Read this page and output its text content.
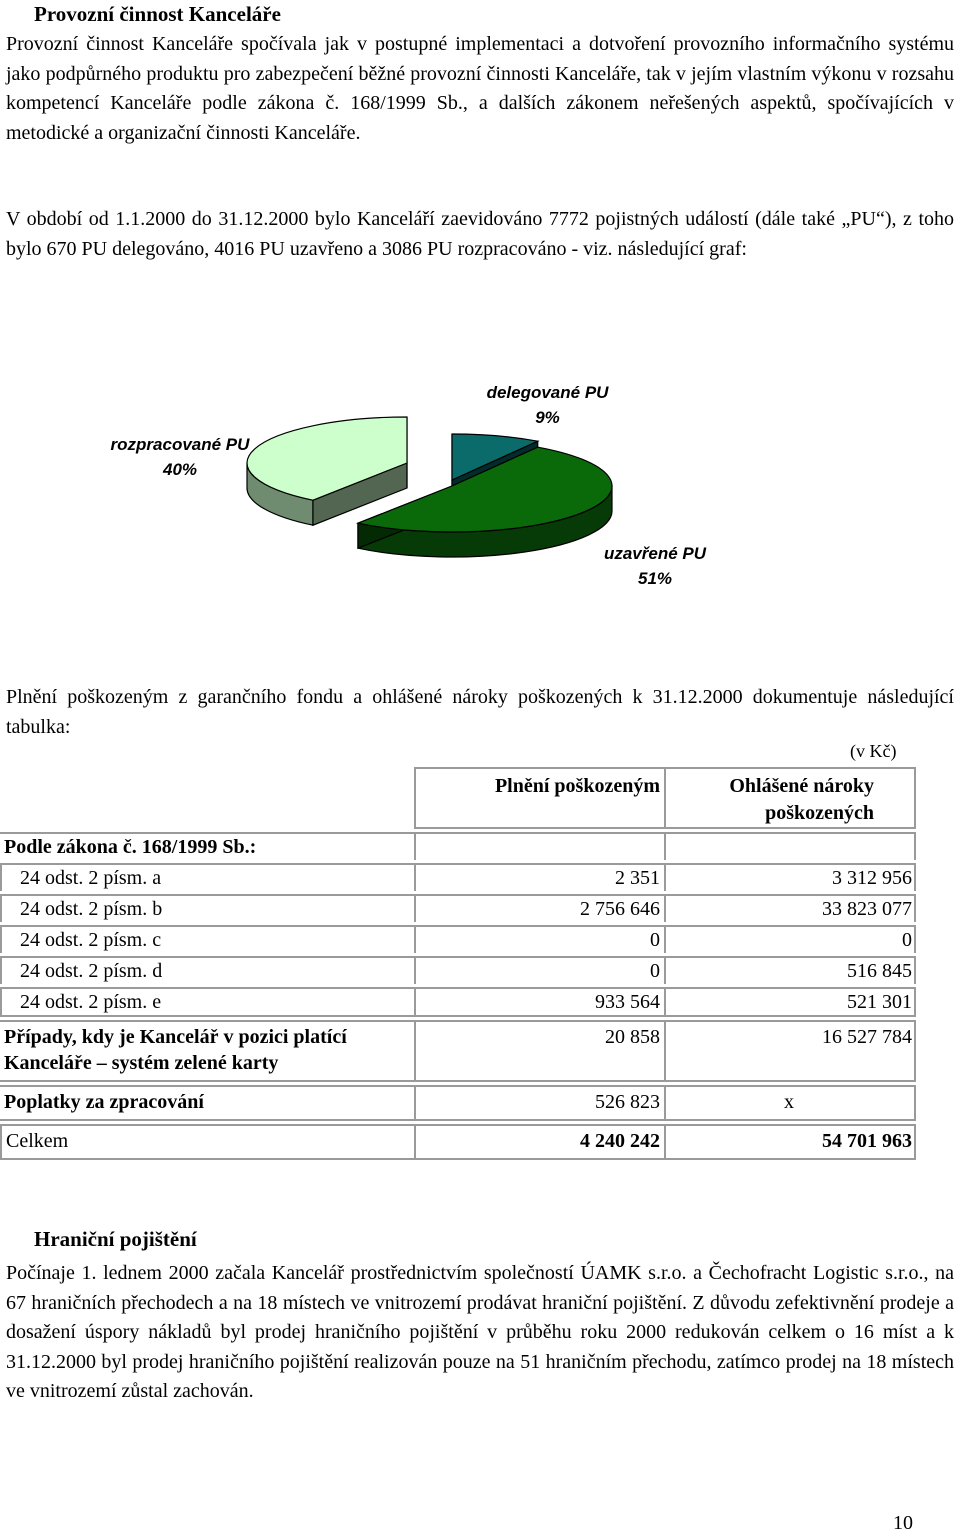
Provozní činnost Kanceláře

Provozní činnost Kanceláře spočívala jak v postupné implementaci a dotvoření provozního informačního systému jako podpůrného produktu pro zabezpečení běžné provozní činnosti Kanceláře, tak v jejím vlastním výkonu v rozsahu kompetencí Kanceláře podle zákona č. 168/1999 Sb., a dalších zákonem neřešených aspektů, spočívajících v metodické a organizační činnosti Kanceláře.

V období od 1.1.2000 do 31.12.2000 bylo Kanceláří zaevidováno 7772 pojistných událostí (dále také „PU“), z toho bylo 670 PU delegováno, 4016 PU uzavřeno a 3086 PU rozpracováno - viz. následující graf:

delegované PU
9%
rozpracované PU
40%
uzavřené PU
51%

Plnění poškozeným z garančního fondu a ohlášené nároky poškozených k 31.12.2000 dokumentuje následující tabulka:

(v Kč)
	Plnění poškozeným	Ohlášené nároky poškozených
Podle zákona č. 168/1999 Sb.:		
24 odst. 2 písm. a	2 351	3 312 956
24 odst. 2 písm. b	2 756 646	33 823 077
24 odst. 2 písm. c	0	0
24 odst. 2 písm. d	0	516 845
24 odst. 2 písm. e	933 564	521 301
Případy, kdy je Kancelář v pozici platící Kanceláře – systém zelené karty	20 858	16 527 784
Poplatky za zpracování	526 823	x
Celkem	4 240 242	54 701 963
Hraniční pojištění

Počínaje 1. lednem 2000 začala Kancelář prostřednictvím společností ÚAMK s.r.o. a Čechofracht Logistic s.r.o., na 67 hraničních přechodech a na 18 místech ve vnitrozemí prodávat hraniční pojištění. Z důvodu zefektivnění prodeje a dosažení úspory nákladů byl prodej hraničního pojištění v průběhu roku 2000 redukován celkem o 16 míst a k 31.12.2000 byl prodej hraničního pojištění realizován pouze na 51 hraničním přechodu, zatímco prodej na 18 místech ve vnitrozemí zůstal zachován.

10
